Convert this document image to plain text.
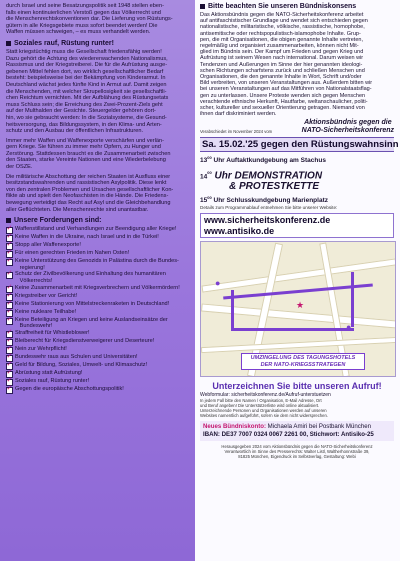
durch Israel und seine Besatzungspolitik seit 1948 stellen eben-
falls einen kontinuierlichen Verstoß gegen das Völkerrecht und
die Menschenrechtskonventionen dar. Die Lieferung von Rüstungs-
gütern in alle Kriegsgebiete muss sofort beendet werden! Die
Waffen müssen schweigen, – es muss verhandelt werden.
Soziales rauf, Rüstung runter!
Statt kriegstüchtig muss die Gesellschaft friedensfähig werden!
Dazu gehört die Achtung des wiedererwachenden Nationalismus,
Rassismus und der Kriegstreiberei. Die für die Aufrüstung ausge-
gebenen Mittel fehlen dort, wo wirklich gesellschaftlicher Bedarf
besteht: beispielsweise bei der Bekämpfung von Kinderarmut. In
Deutschland wächst jedes fünfte Kind in Armut auf. Damit zeigen
die Menschenden, mit welcher Skrupellosigkeit sie gesellschaftli-
chen Reichtum vernichten. Mit der Aufblähung des Rüstungsetats
muss Schluss sein; die Erreichung des Zwei-Prozent-Ziels geht
auf der Multhalden der Gesichte. Steuergelder gehören dort-
hin, wo sie gebraucht werden: In die Sozialsysteme, die Gesund-
heitsversorgung, das Bildungssystem, in den Klima- und Arten-
schutz und den Ausbau der öffentlichen Infrastrukturen.
Immer mehr Waffen und Waffenexporte verschärfen und verlän-
gern Kriege. Sie führen zu immer mehr Opfern, zu Hunger und
Zerstörung. Stattdessen braucht es die Zusammenarbeit zwischen
den Staaten, starke Vereinte Nationen und eine Wiederbelebung
der OSZE.
Die militärische Abschottung der reichen Staaten ist Ausfluss einer
besitzstandswahrenden und rassistischen Asylpolitik. Diese lenkt
von den zentralen Problemen und Ursachen gesellschaftlicher Kon-
flikte ab und spielt den Neofaschisten in die Hände. Die Friedens-
bewegung verteidigt das Recht auf Asyl und die Gleichbehandlung
aller Geflüchteten. Die Menschenrechte sind unantastbar.
Unsere Forderungen sind:
✓
Waffenstillstand und Verhandlungen zur Beendigung aller Kriege!
✓
Keine Waffen in die Ukraine, nach Israel und in die Türkei!
✓
Stopp aller Waffenexporte!
✓
Für einen gerechten Frieden im Nahen Osten!
✓
Keine Unterstützung des Genozids in Palästina durch die Bundes-
regierung!
✓
Schutz der Zivilbevölkerung und Einhaltung des humanitären
Völkerrechts!
✓
Keine Zusammenarbeit mit Kriegsverbrechern und Völkermördern!
✓
Kriegstreiber vor Gericht!
✓
Keine Stationierung von Mittelstreckenraketen in Deutschland!
✓
Keine nukleare Teilhabe!
✓
Keine Beteiligung an Kriegen und keine Auslandseinsätze der
Bundeswehr!
✓
Straffreiheit für Whistleblower!
✓
Bleiberecht für Kriegsdienstverweigerer und Deserteure!
✓
Nein zur Wehrpflicht!
✓
Bundeswehr raus aus Schulen und Universitäten!
✓
Geld für Bildung, Soziales, Umwelt- und Klimaschutz!
✓
Abrüstung statt Aufrüstung!
✓
Soziales rauf, Rüstung runter!
✓
Gegen die europäische Abschottungspolitik!
Bitte beachten Sie unseren Bündniskonsens
Das Aktionsbündnis gegen die NATO-Sicherheitskonferenz arbeitet
auf antifaschistischer Grundlage und wendet sich entschieden gegen
nationalistische, militaristische, völkische, rassistische, homophobe,
antisemitische oder rechtspopulistisch-islamophobe Inhalte. Grup-
pen, die mit Organisationen, die obigen genannte Inhalte vertreten,
regelmäßig und organisiert zusammenarbeiten, können nicht Mit-
glied im Bündnis sein. Der Kampf um Frieden und gegen Krieg und
Aufrüstung ist seinem Wesen nach international. Darum weisen wir
Tendenzen und Äußerungen im Sinne der hier genannten ideologi-
schen Richtungen scharfstens zurück und schließen Menschen und
Organisationen, die den genannte Inhalte in Wort, Schrift und/oder
Bild verbreiten, von unseren Veranstaltungen aus. Außerdem bitten wir
bei unseren Veranstaltungen auf das Mitführen von Nationalstaatsflag-
gen zu unterlassen. Unsere Proteste wenden sich gegen Menschen
verachtende ethnische Herkunft, Hautfarbe, weltanschaulicher, politi-
scher, kultureller und sexueller Orientierung getragen. Niemand von
ihnen darf diskriminiert werden.
Verabschiedet im November 2024 vom
Aktionsbündnis gegen die
NATO-Sicherheitskonferenz
Sa. 15.02.'25 gegen den Rüstungswahnsinn
$13^{00}$ Uhr Auftaktkundgebung am Stachus
$14^{00}$ Uhr DEMONSTRATION
& PROTESTKETTE
$15^{00}$ Uhr Schlusskundgebung Marienplatz
Details zum Programmablauf entnehmen Sie bitte unserer Website:
www.sicherheitskonferenz.de
www.antisiko.de
●
★
●
UMZINGELUNG DES TAGUNGSHOTELS
DER NATO-KRIEGSSTRATEGEN
Unterzeichnen Sie bitte unseren Aufruf!
Webformular: sicherheitskonferenz.de/Aufruf-unterstuetzen
In jedem Fall bitte den Namen / Organisation, E-Mail Adresse, Ort
und Beruf angeben! Die Unterstützerliste wird online aktualisiert.
Unterzeichnende Personen und Organisationen werden auf unseren
Websites namentlich aufgeführt, sofern sie dem nicht widersprechen.
Neues Bündniskonto: Michaela Amiri bei Postbank München
IBAN: DE37 7007 0324 0067 2261 00, Stichwort: Antisiko-25
Herausgegeben 2024 vom Aktionsbündnis gegen die NATO-Sicherheitskonferenz
Verantwortlich im Sinne des Presserechts: Walter Listl, Waltherhonnstraße 39,
81825 München, Eigendruck im Selbstverlag, Gestaltung: Webi
